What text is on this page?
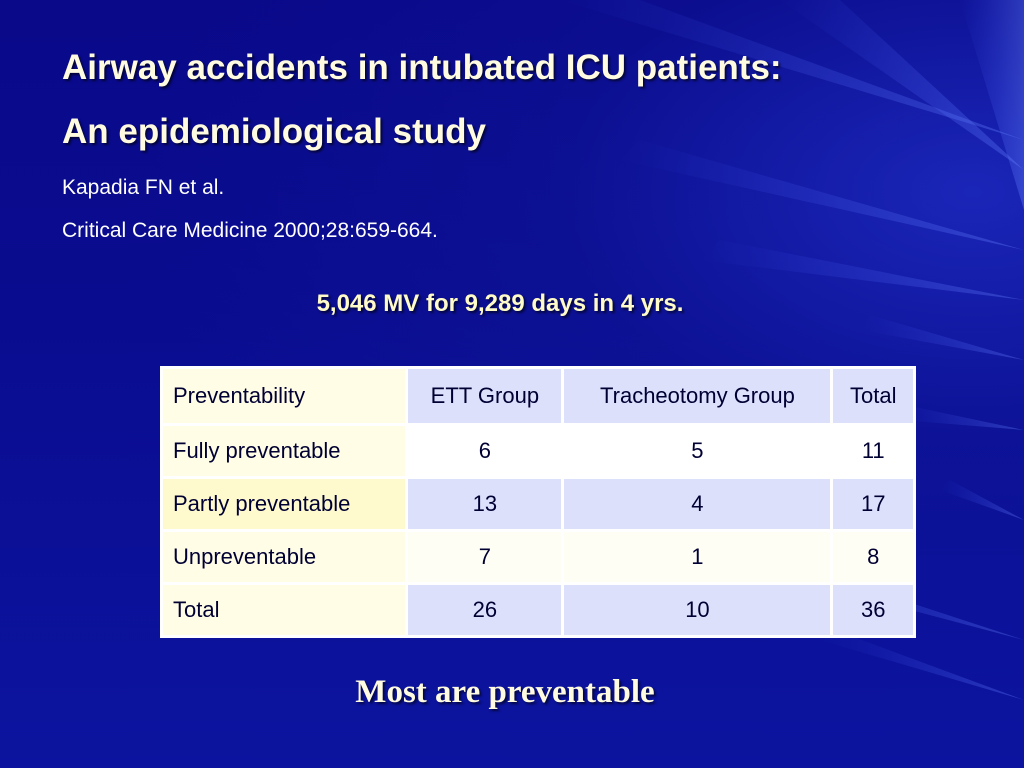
Airway accidents in intubated ICU patients:
An epidemiological study
Kapadia FN et al.
Critical Care Medicine 2000;28:659-664.
5,046 MV for 9,289 days in 4 yrs.
Preventability	ETT Group	Tracheotomy Group	Total
Fully preventable	6	5	11
Partly preventable	13	4	17
Unpreventable	7	1	8
Total	26	10	36
Most are preventable
